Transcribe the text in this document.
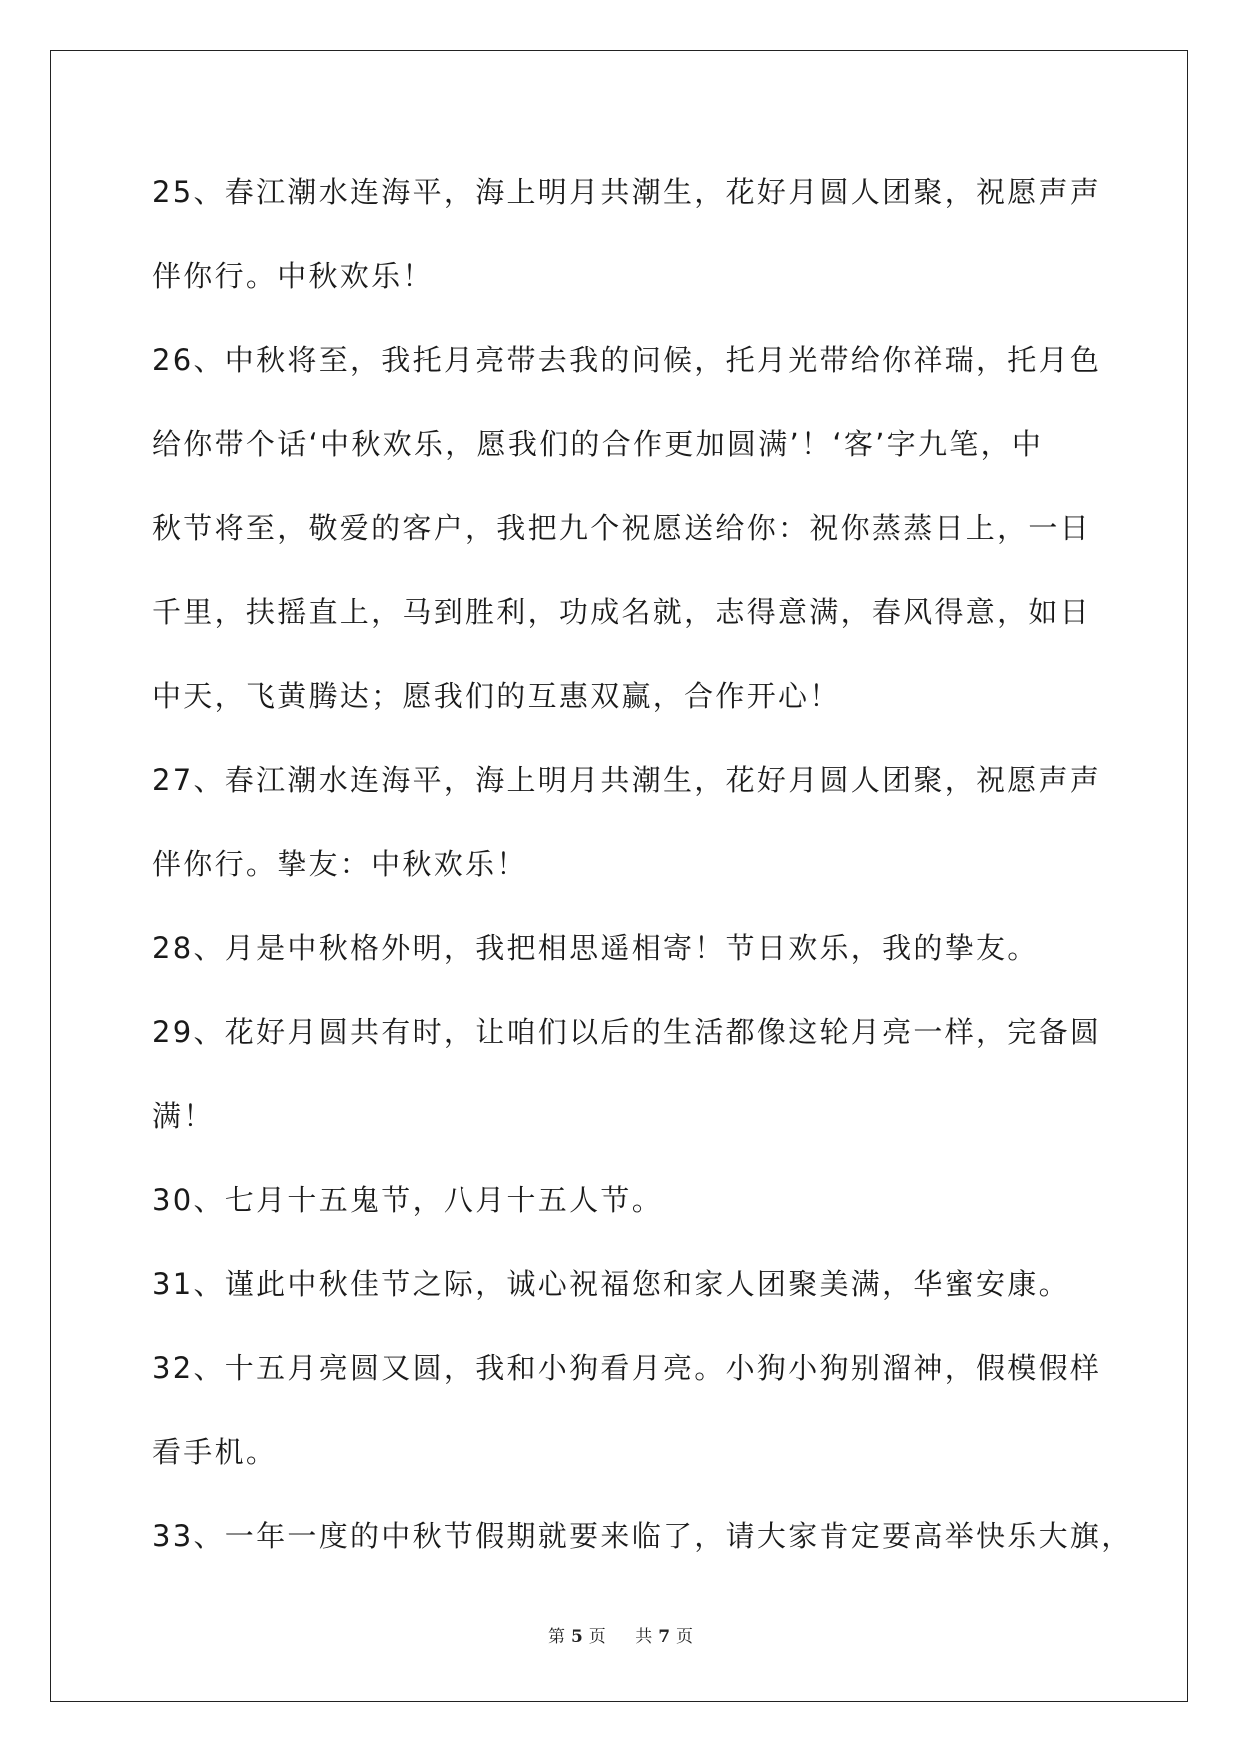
25、春江潮水连海平，海上明月共潮生，花好月圆人团聚，祝愿声声
伴你行。中秋欢乐！
26、中秋将至，我托月亮带去我的问候，托月光带给你祥瑞，托月色
给你带个话‘中秋欢乐，愿我们的合作更加圆满’！‘客’字九笔，中
秋节将至，敬爱的客户，我把九个祝愿送给你：祝你蒸蒸日上，一日
千里，扶摇直上，马到胜利，功成名就，志得意满，春风得意，如日
中天，飞黄腾达；愿我们的互惠双赢，合作开心！
27、春江潮水连海平，海上明月共潮生，花好月圆人团聚，祝愿声声
伴你行。挚友：中秋欢乐！
28、月是中秋格外明，我把相思遥相寄！节日欢乐，我的挚友。
29、花好月圆共有时，让咱们以后的生活都像这轮月亮一样，完备圆
满！
30、七月十五鬼节，八月十五人节。
31、谨此中秋佳节之际，诚心祝福您和家人团聚美满，华蜜安康。
32、十五月亮圆又圆，我和小狗看月亮。小狗小狗别溜神，假模假样
看手机。
33、一年一度的中秋节假期就要来临了，请大家肯定要高举快乐大旗，
第 5 页 共 7 页
